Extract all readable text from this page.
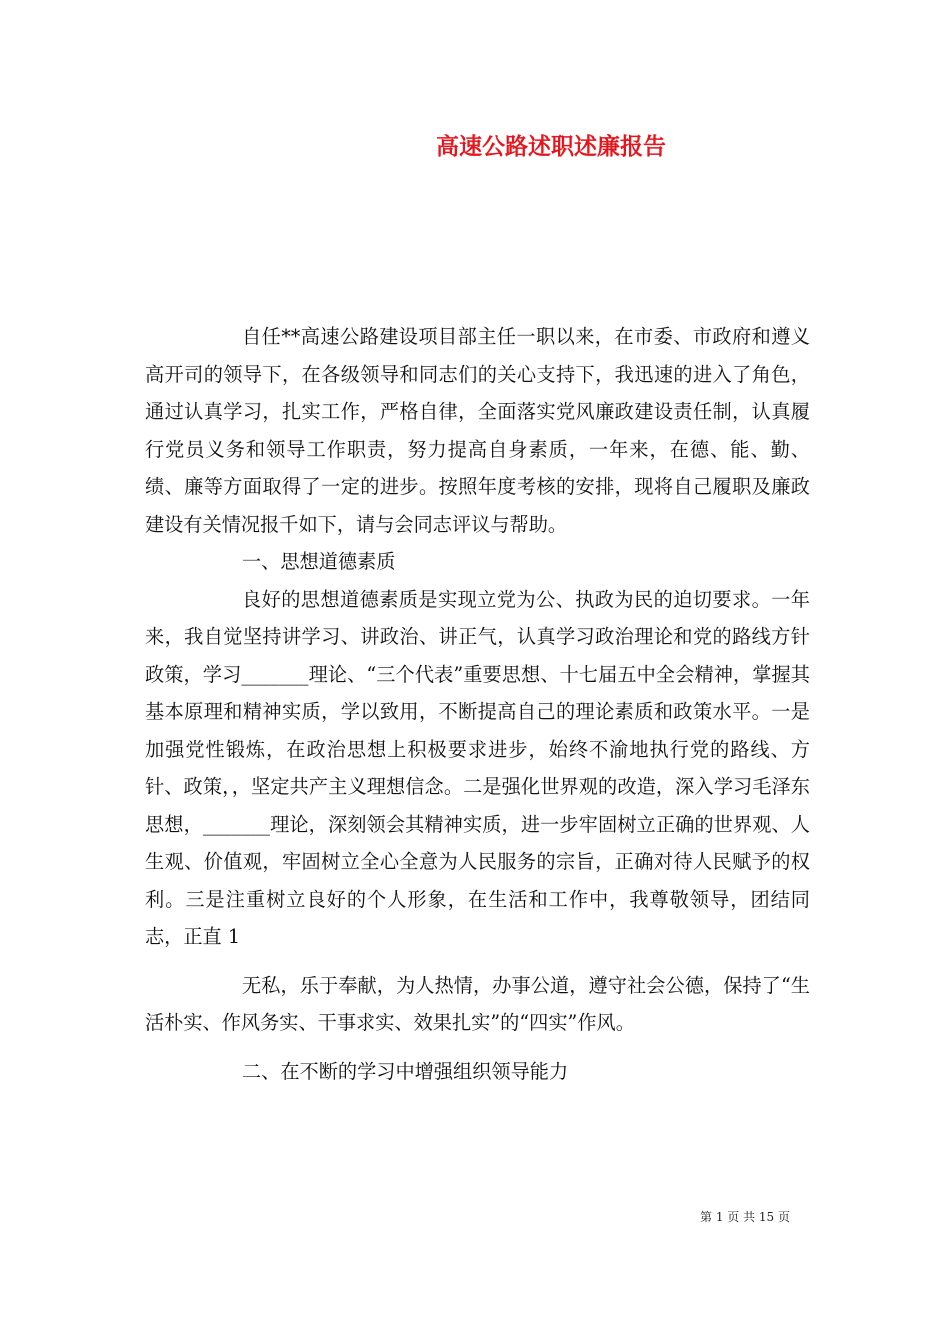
高速公路述职述廉报告

自任**高速公路建设项目部主任一职以来，在市委、市政府和遵义高开司的领导下，在各级领导和同志们的关心支持下，我迅速的进入了角色，通过认真学习，扎实工作，严格自律，全面落实党风廉政建设责任制，认真履行党员义务和领导工作职责，努力提高自身素质，一年来，在德、能、勤、绩、廉等方面取得了一定的进步。按照年度考核的安排，现将自己履职及廉政建设有关情况报千如下，请与会同志评议与帮助。

一、思想道德素质

良好的思想道德素质是实现立党为公、执政为民的迫切要求。一年来，我自觉坚持讲学习、讲政治、讲正气，认真学习政治理论和党的路线方针政策，学习_______理论、“三个代表”重要思想、十七届五中全会精神，掌握其基本原理和精神实质，学以致用，不断提高自己的理论素质和政策水平。一是加强党性锻炼，在政治思想上积极要求进步，始终不渝地执行党的路线、方针、政策，，坚定共产主义理想信念。二是强化世界观的改造，深入学习毛泽东思想，_______理论，深刻领会其精神实质，进一步牢固树立正确的世界观、人生观、价值观，牢固树立全心全意为人民服务的宗旨，正确对待人民赋予的权利。三是注重树立良好的个人形象，在生活和工作中，我尊敬领导，团结同志，正直 1

无私，乐于奉献，为人热情，办事公道，遵守社会公德，保持了“生活朴实、作风务实、干事求实、效果扎实”的“四实”作风。

二、在不断的学习中增强组织领导能力

第 1 页 共 15 页
